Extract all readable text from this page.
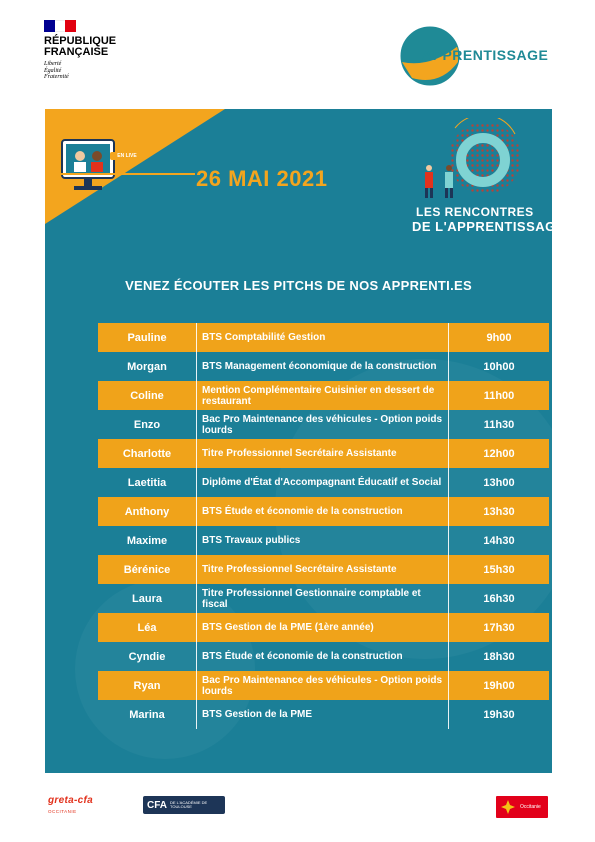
RÉPUBLIQUE
FRANÇAISE
Liberté
Égalité
Fraternité
APPRENTISSAGE
EN LIVE
26 MAI 2021
LES RENCONTRES
DE L'APPRENTISSAGE
VENEZ ÉCOUTER LES PITCHS DE NOS APPRENTI.ES
Pauline	BTS Comptabilité Gestion	9h00
Morgan	BTS Management économique de la construction	10h00
Coline	Mention Complémentaire Cuisinier en dessert de restaurant	11h00
Enzo	Bac Pro Maintenance des véhicules - Option poids lourds	11h30
Charlotte	Titre Professionnel Secrétaire Assistante	12h00
Laetitia	Diplôme d'État d'Accompagnant Éducatif et Social	13h00
Anthony	BTS Étude et économie de la construction	13h30
Maxime	BTS Travaux publics	14h30
Bérénice	Titre Professionnel Secrétaire Assistante	15h30
Laura	Titre Professionnel Gestionnaire comptable et fiscal	16h30
Léa	BTS Gestion de la PME (1ère année)	17h30
Cyndie	BTS Étude et économie de la construction	18h30
Ryan	Bac Pro Maintenance des véhicules - Option poids lourds	19h00
Marina	BTS Gestion de la PME	19h30
greta-cfa
OCCITANIE
CFA DE L'ACADÉMIE DE TOULOUSE	Occitanie
